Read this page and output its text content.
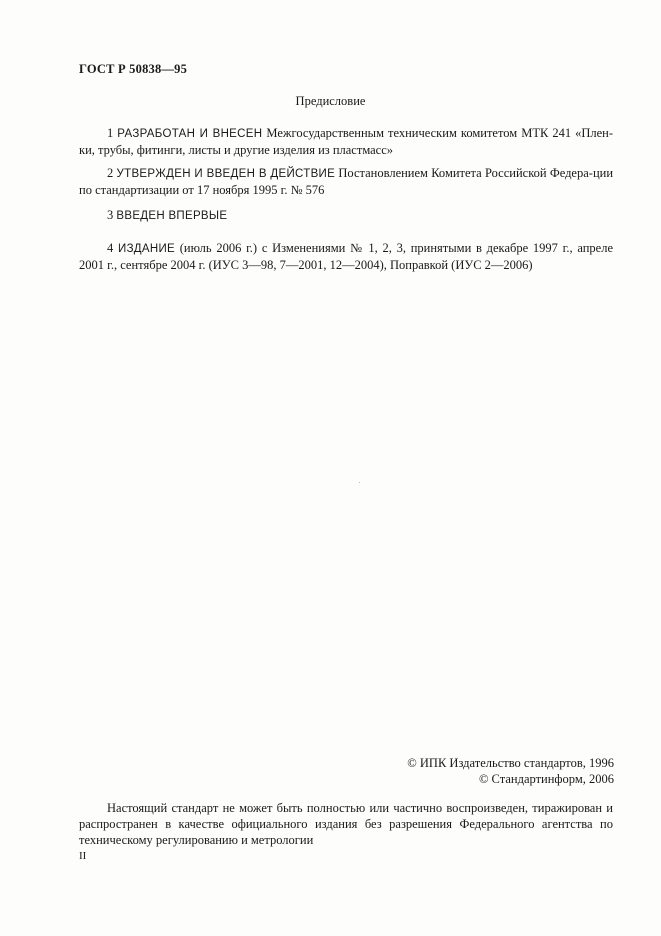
ГОСТ Р 50838—95
Предисловие
1 РАЗРАБОТАН И ВНЕСЕН Межгосударственным техническим комитетом МТК 241 «Плен-ки, трубы, фитинги, листы и другие изделия из пластмасс»
2 УТВЕРЖДЕН И ВВЕДЕН В ДЕЙСТВИЕ Постановлением Комитета Российской Федера-ции по стандартизации от 17 ноября 1995 г. № 576
3 ВВЕДЕН ВПЕРВЫЕ
4 ИЗДАНИЕ (июль 2006 г.) с Изменениями № 1, 2, 3, принятыми в декабре 1997 г., апреле 2001 г., сентябре 2004 г. (ИУС 3—98, 7—2001, 12—2004), Поправкой (ИУС 2—2006)
© ИПК Издательство стандартов, 1996
© Стандартинформ, 2006
Настоящий стандарт не может быть полностью или частично воспроизведен, тиражирован и распространен в качестве официального издания без разрешения Федерального агентства по техническому регулированию и метрологии
II
